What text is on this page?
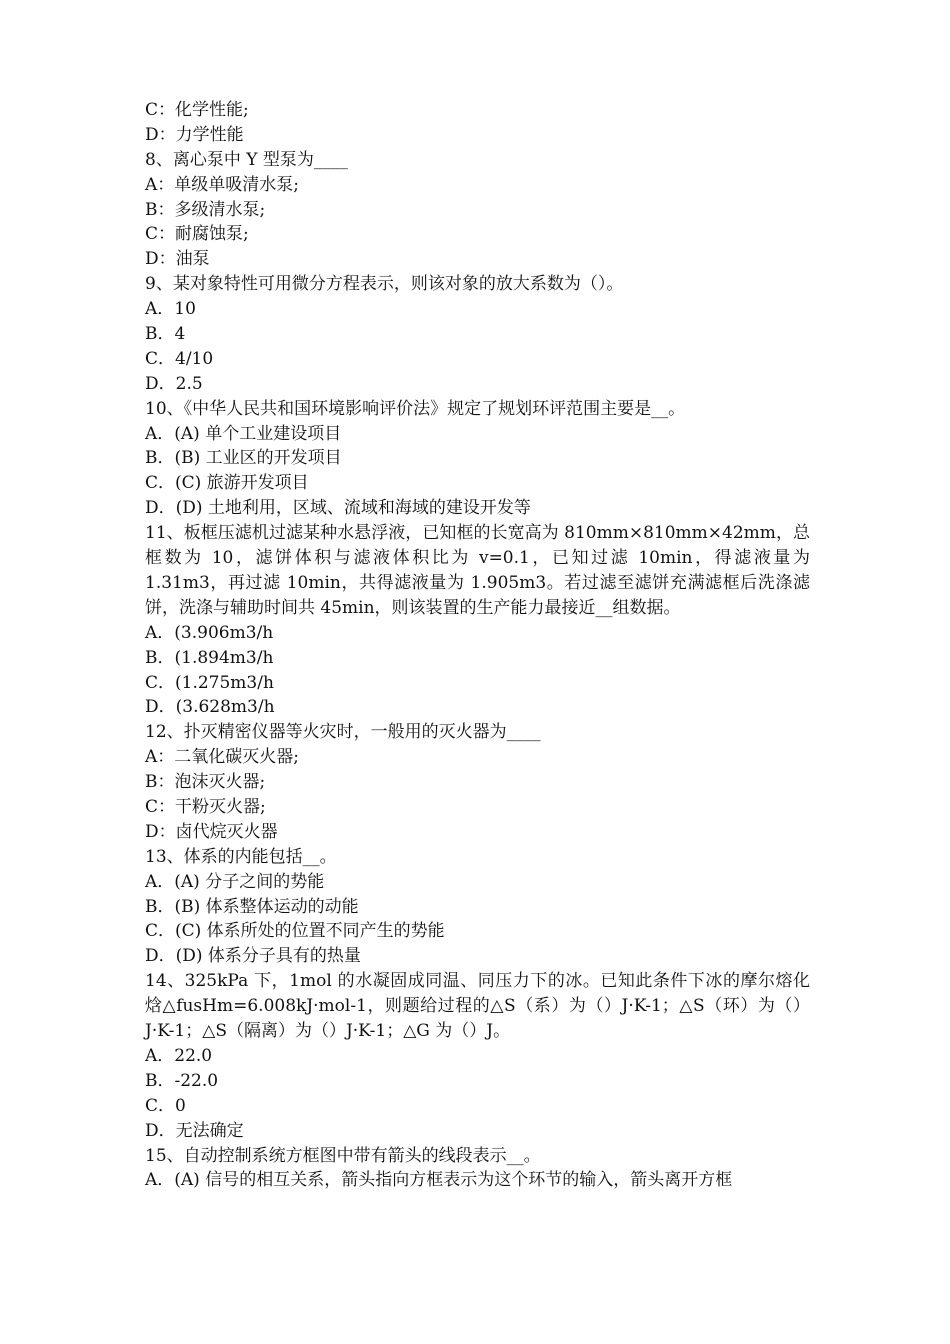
C：化学性能;
D：力学性能
8、离心泵中 Y 型泵为____
A：单级单吸清水泵;
B：多级清水泵;
C：耐腐蚀泵;
D：油泵
9、某对象特性可用微分方程表示，则该对象的放大系数为（）。
A．10
B．4
C．4/10
D．2.5
10、《中华人民共和国环境影响评价法》规定了规划环评范围主要是__。
A．(A) 单个工业建设项目
B．(B) 工业区的开发项目
C．(C) 旅游开发项目
D．(D) 土地利用，区域、流域和海域的建设开发等
11、板框压滤机过滤某种水悬浮液，已知框的长宽高为 810mm×810mm×42mm，总框数为 10，滤饼体积与滤液体积比为 v=0.1，已知过滤 10min，得滤液量为 1.31m3，再过滤 10min，共得滤液量为 1.905m3。若过滤至滤饼充满滤框后洗涤滤饼，洗涤与辅助时间共 45min，则该装置的生产能力最接近__组数据。
A．(3.906m3/h
B．(1.894m3/h
C．(1.275m3/h
D．(3.628m3/h
12、扑灭精密仪器等火灾时，一般用的灭火器为____
A：二氧化碳灭火器;
B：泡沫灭火器;
C：干粉灭火器;
D：卤代烷灭火器
13、体系的内能包括__。
A．(A) 分子之间的势能
B．(B) 体系整体运动的动能
C．(C) 体系所处的位置不同产生的势能
D．(D) 体系分子具有的热量
14、325kPa 下，1mol 的水凝固成同温、同压力下的冰。已知此条件下冰的摩尔熔化焓△fusHm=6.008kJ·mol-1，则题给过程的△S（系）为（）J·K-1；△S（环）为（）J·K-1；△S（隔离）为（）J·K-1；△G 为（）J。
A．22.0
B．-22.0
C．0
D．无法确定
15、自动控制系统方框图中带有箭头的线段表示__。
A．(A) 信号的相互关系，箭头指向方框表示为这个环节的输入，箭头离开方框
